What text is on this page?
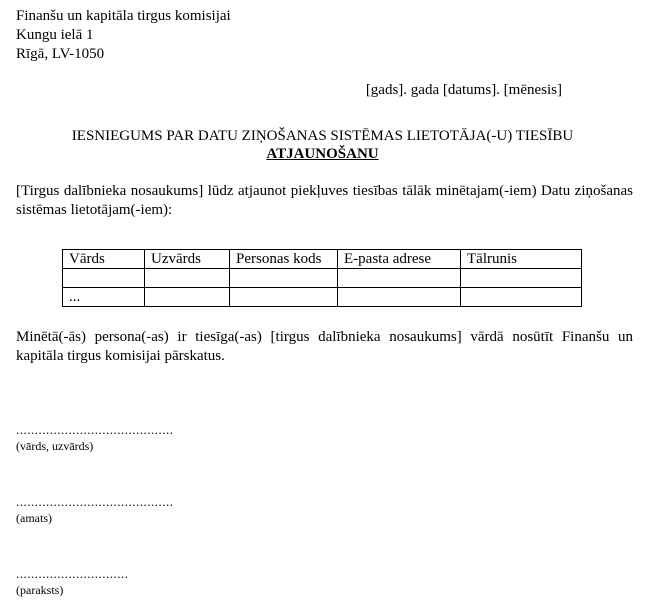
Finanšu un kapitāla tirgus komisijai
Kungu ielā 1
Rīgā, LV-1050
[gads]. gada [datums]. [mēnesis]
IESNIEGUMS PAR DATU ZIŅOŠANAS SISTĒMAS LIETOTĀJA(-U) TIESĪBU
ATJAUNOŠANU
[Tirgus dalībnieka nosaukums] lūdz atjaunot piekļuves tiesības tālāk minētajam(-iem) Datu ziņošanas sistēmas lietotājam(-iem):
Vārds	Uzvārds	Personas kods	E-pasta adrese	Tālrunis

...				
Minētā(-ās) persona(-as) ir tiesīga(-as) [tirgus dalībnieka nosaukums] vārdā nosūtīt Finanšu un kapitāla tirgus komisijai pārskatus.
..........................................
(vārds, uzvārds)
..........................................
(amats)
..............................
(paraksts)
